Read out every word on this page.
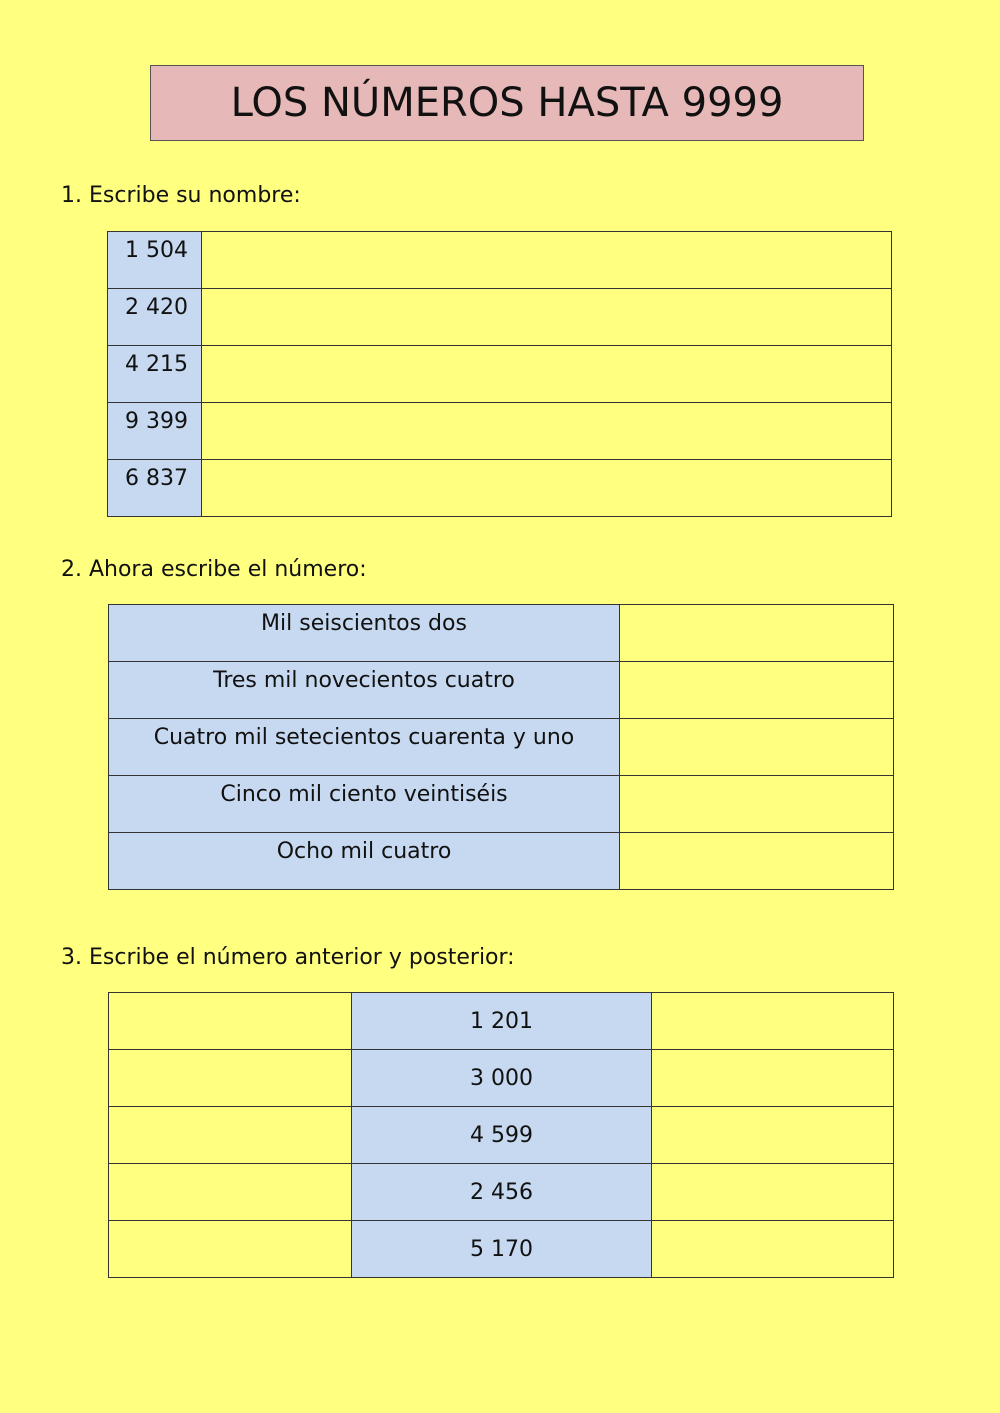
LOS NÚMEROS HASTA 9999
1. Escribe su nombre:
1 504	
2 420	
4 215	
9 399	
6 837	
2. Ahora escribe el número:
Mil seiscientos dos	
Tres mil novecientos cuatro	
Cuatro mil setecientos cuarenta y uno	
Cinco mil ciento veintiséis	
Ocho mil cuatro	
3. Escribe el número anterior y posterior:
	1 201	
	3 000	
	4 599	
	2 456	
	5 170	
